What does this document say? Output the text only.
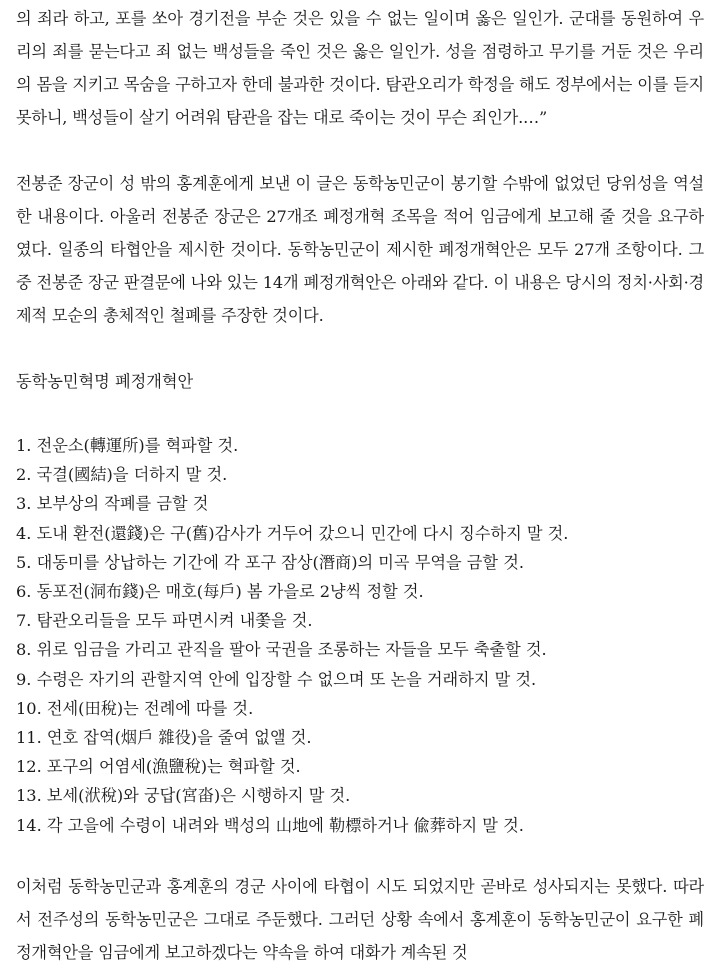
의 죄라 하고, 포를 쏘아 경기전을 부순 것은 있을 수 없는 일이며 옳은 일인가. 군대를 동원하여 우리의 죄를 묻는다고 죄 없는 백성들을 죽인 것은 옳은 일인가. 성을 점령하고 무기를 거둔 것은 우리의 몸을 지키고 목숨을 구하고자 한데 불과한 것이다. 탐관오리가 학정을 해도 정부에서는 이를 듣지 못하니, 백성들이 살기 어려워 탐관을 잡는 대로 죽이는 것이 무슨 죄인가.…”

전봉준 장군이 성 밖의 홍계훈에게 보낸 이 글은 동학농민군이 봉기할 수밖에 없었던 당위성을 역설한 내용이다. 아울러 전봉준 장군은 27개조 폐정개혁 조목을 적어 임금에게 보고해 줄 것을 요구하였다. 일종의 타협안을 제시한 것이다. 동학농민군이 제시한 폐정개혁안은 모두 27개 조항이다. 그 중 전봉준 장군 판결문에 나와 있는 14개 폐정개혁안은 아래와 같다. 이 내용은 당시의 정치·사회·경제적 모순의 총체적인 철폐를 주장한 것이다.

동학농민혁명 폐정개혁안

1. 전운소(轉運所)를 혁파할 것.
2. 국결(國結)을 더하지 말 것.
3. 보부상의 작폐를 금할 것
4. 도내 환전(還錢)은 구(舊)감사가 거두어 갔으니 민간에 다시 징수하지 말 것.
5. 대동미를 상납하는 기간에 각 포구 잠상(潛商)의 미곡 무역을 금할 것.
6. 동포전(洞布錢)은 매호(每戶) 봄 가을로 2냥씩 정할 것.
7. 탐관오리들을 모두 파면시켜 내쫓을 것.
8. 위로 임금을 가리고 관직을 팔아 국권을 조롱하는 자들을 모두 축출할 것.
9. 수령은 자기의 관할지역 안에 입장할 수 없으며 또 논을 거래하지 말 것.
10. 전세(田稅)는 전례에 따를 것.
11. 연호 잡역(烟戶 雜役)을 줄여 없앨 것.
12. 포구의 어염세(漁鹽稅)는 혁파할 것.
13. 보세(洑稅)와 궁답(宮畓)은 시행하지 말 것.
14. 각 고을에 수령이 내려와 백성의 山地에 勒標하거나 偸葬하지 말 것.

이처럼 동학농민군과 홍계훈의 경군 사이에 타협이 시도 되었지만 곧바로 성사되지는 못했다. 따라서 전주성의 동학농민군은 그대로 주둔했다. 그러던 상황 속에서 홍계훈이 동학농민군이 요구한 폐정개혁안을 임금에게 보고하겠다는 약속을 하여 대화가 계속된 것
